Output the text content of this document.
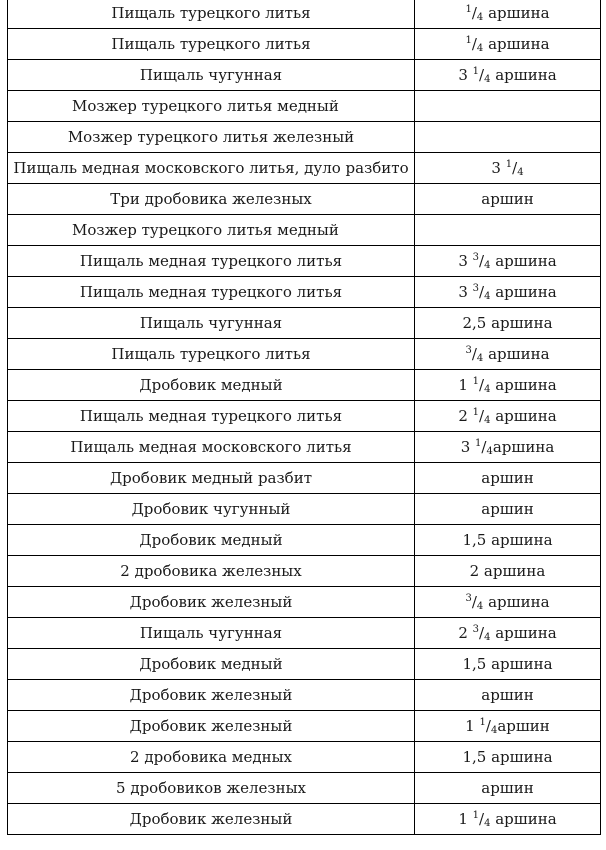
Пищаль турецкого литья	$^1/_4$ аршина
Пищаль турецкого литья	$^1/_4$ аршина
Пищаль чугунная	3 $^1/_4$ аршина
Мозжер турецкого литья медный	
Мозжер турецкого литья железный	
Пищаль медная московского литья, дуло разбито	3 $^1/_4$
Три дробовика железных	аршин
Мозжер турецкого литья медный	
Пищаль медная турецкого литья	3 $^3/_4$ аршина
Пищаль медная турецкого литья	3 $^3/_4$ аршина
Пищаль чугунная	2,5 аршина
Пищаль турецкого литья	$^3/_4$ аршина
Дробовик медный	1 $^1/_4$ аршина
Пищаль медная турецкого литья	2 $^1/_4$ аршина
Пищаль медная московского литья	3 $^1/_4аршина$
Дробовик медный разбит	аршин
Дробовик чугунный	аршин
Дробовик медный	1,5 аршина
2 дробовика железных	2 аршина
Дробовик железный	$^3/_4$ аршина
Пищаль чугунная	2 $^3/_4$ аршина
Дробовик медный	1,5 аршина
Дробовик железный	аршин
Дробовик железный	1 $^1/_4аршин$
2 дробовика медных	1,5 аршина
5 дробовиков железных	аршин
Дробовик железный	1 $^1/_4$ аршина
